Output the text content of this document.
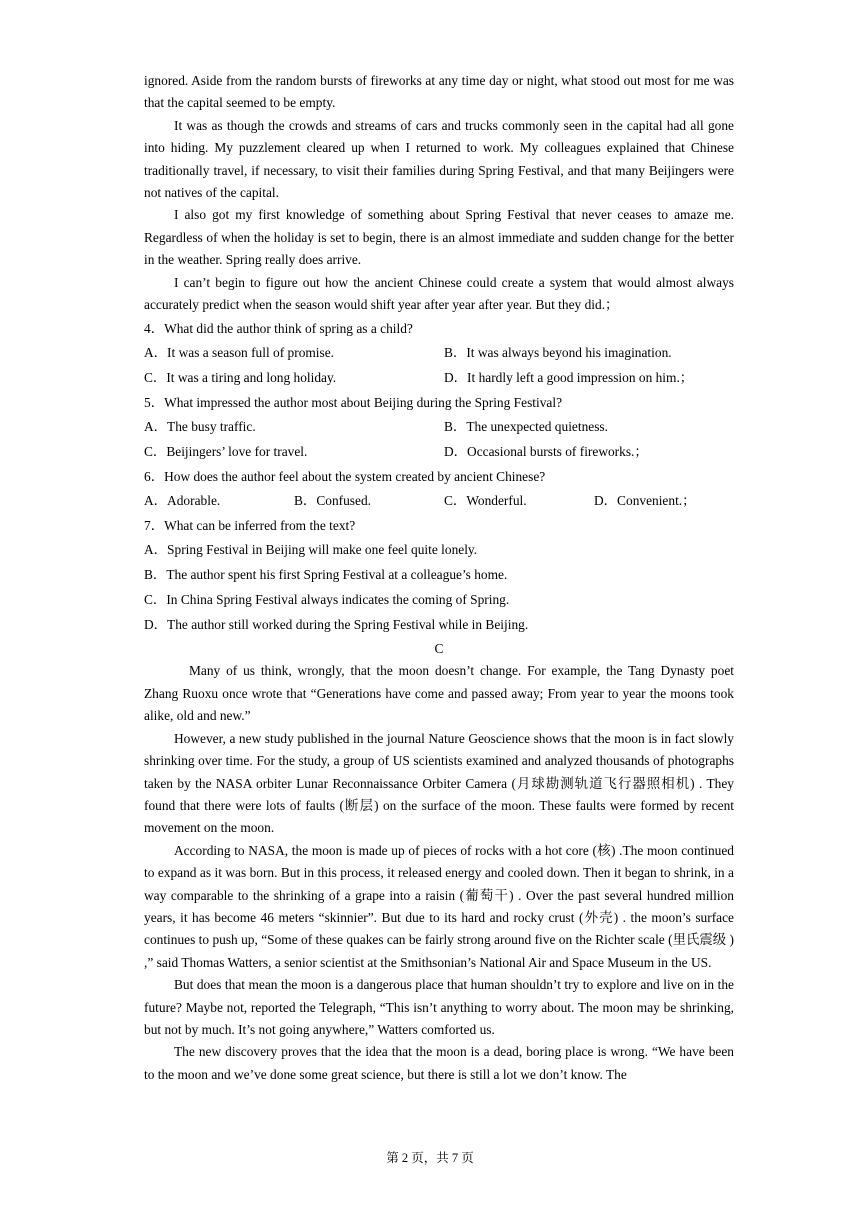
ignored. Aside from the random bursts of fireworks at any time day or night, what stood out most for me was that the capital seemed to be empty.

It was as though the crowds and streams of cars and trucks commonly seen in the capital had all gone into hiding. My puzzlement cleared up when I returned to work. My colleagues explained that Chinese traditionally travel, if necessary, to visit their families during Spring Festival, and that many Beijingers were not natives of the capital.

I also got my first knowledge of something about Spring Festival that never ceases to amaze me. Regardless of when the holiday is set to begin, there is an almost immediate and sudden change for the better in the weather. Spring really does arrive.

I can’t begin to figure out how the ancient Chinese could create a system that would almost always accurately predict when the season would shift year after year after year. But they did.；

4．What did the author think of spring as a child?

A．It was a season full of promise.	B．It was always beyond his imagination.
C．It was a tiring and long holiday.	D．It hardly left a good impression on him.；

5．What impressed the author most about Beijing during the Spring Festival?

A．The busy traffic.	B．The unexpected quietness.
C．Beijingers’ love for travel.	D．Occasional bursts of fireworks.；

6．How does the author feel about the system created by ancient Chinese?

A．Adorable.	B．Confused.	C．Wonderful.	D．Convenient.；

7．What can be inferred from the text?

A．Spring Festival in Beijing will make one feel quite lonely.
B．The author spent his first Spring Festival at a colleague’s home.
C．In China Spring Festival always indicates the coming of Spring.
D．The author still worked during the Spring Festival while in Beijing.

C

Many of us think, wrongly, that the moon doesn’t change. For example, the Tang Dynasty poet Zhang Ruoxu once wrote that “Generations have come and passed away; From year to year the moons took alike, old and new.”

However, a new study published in the journal Nature Geoscience shows that the moon is in fact slowly shrinking over time. For the study, a group of US scientists examined and analyzed thousands of photographs taken by the NASA orbiter Lunar Reconnaissance Orbiter Camera (月球勘测轨道飞行器照相机) . They found that there were lots of faults (断层) on the surface of the moon. These faults were formed by recent movement on the moon.

According to NASA, the moon is made up of pieces of rocks with a hot core (核) .The moon continued to expand as it was born. But in this process, it released energy and cooled down. Then it began to shrink, in a way comparable to the shrinking of a grape into a raisin (葡萄干) . Over the past several hundred million years, it has become 46 meters “skinnier”. But due to its hard and rocky crust (外壳) . the moon’s surface continues to push up, “Some of these quakes can be fairly strong around five on the Richter scale (里氏震级 ) ,” said Thomas Watters, a senior scientist at the Smithsonian’s National Air and Space Museum in the US.

But does that mean the moon is a dangerous place that human shouldn’t try to explore and live on in the future? Maybe not, reported the Telegraph, “This isn’t anything to worry about. The moon may be shrinking, but not by much. It’s not going anywhere,” Watters comforted us.

The new discovery proves that the idea that the moon is a dead, boring place is wrong. “We have been to the moon and we’ve done some great science, but there is still a lot we don’t know. The

第 2 页，共 7 页
